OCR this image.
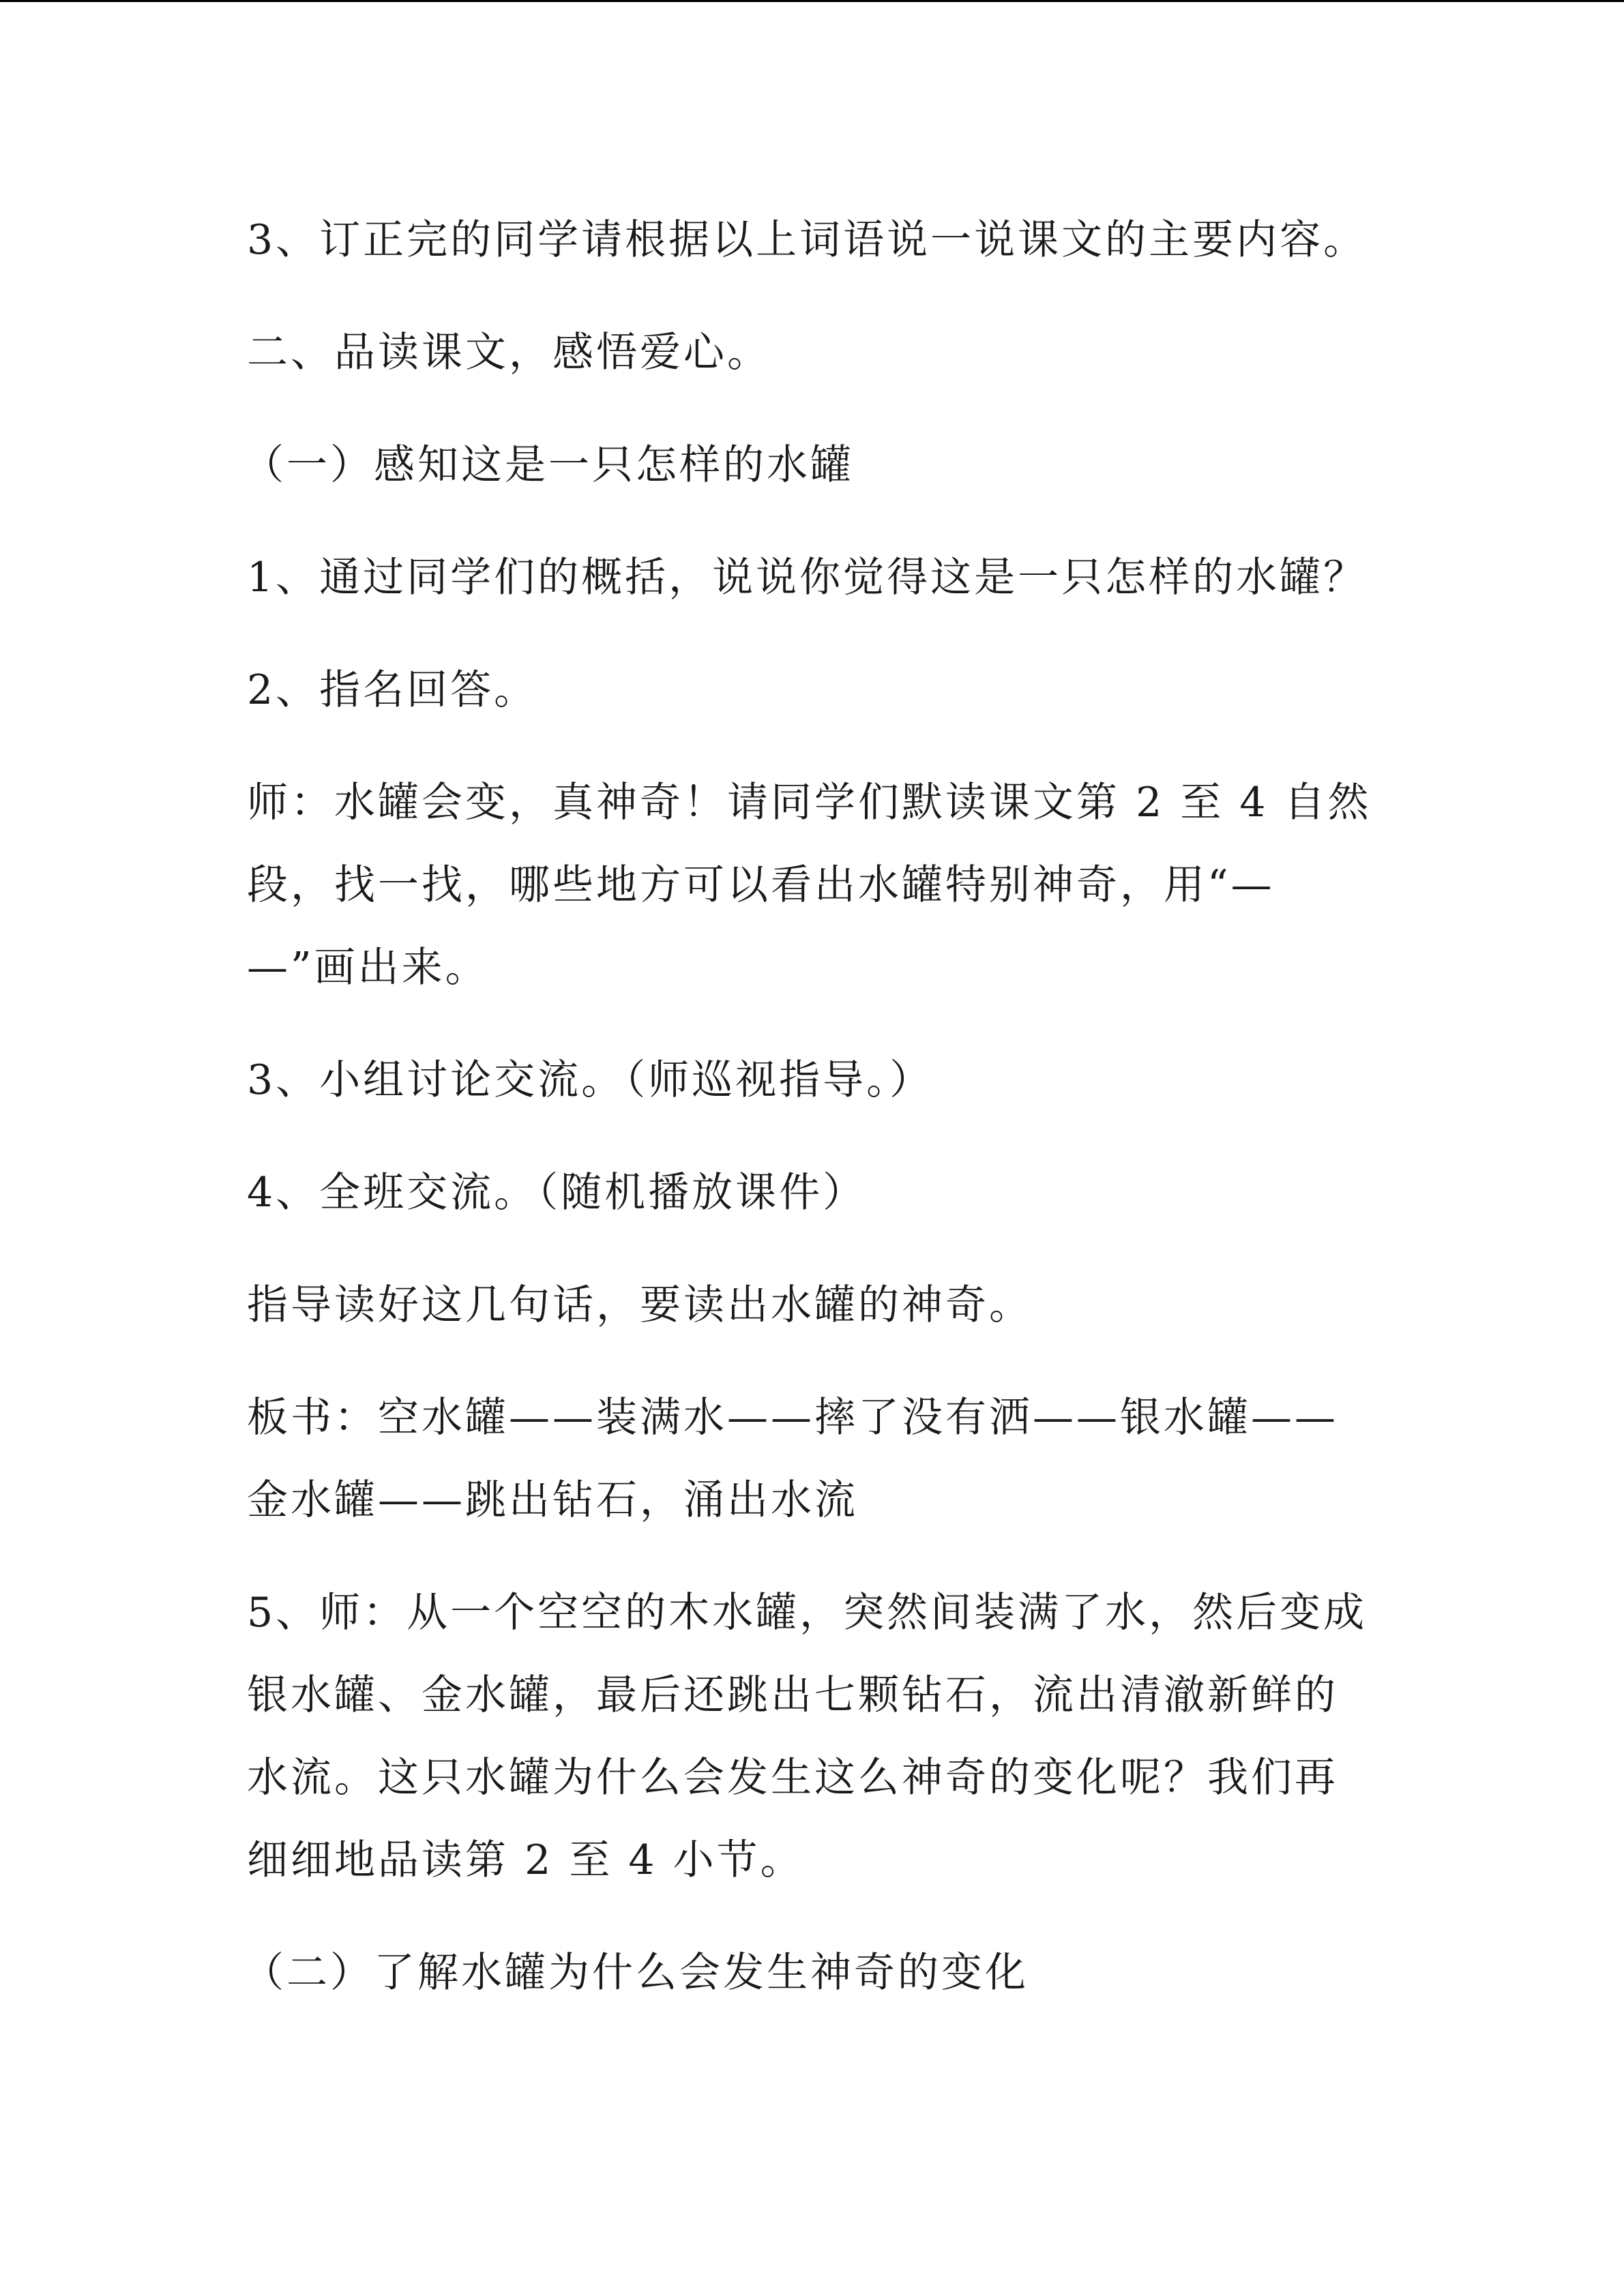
3、订正完的同学请根据以上词语说一说课文的主要内容。
二、品读课文，感悟爱心。
（一）感知这是一只怎样的水罐
1、通过同学们的概括，说说你觉得这是一只怎样的水罐？
2、指名回答。
师：水罐会变，真神奇！请同学们默读课文第 2 至 4 自然
段，找一找，哪些地方可以看出水罐特别神奇，用“—
—”画出来。
3、小组讨论交流。（师巡视指导。）
4、全班交流。（随机播放课件）
指导读好这几句话，要读出水罐的神奇。
板书：空水罐——装满水——摔了没有洒——银水罐——
金水罐——跳出钻石，涌出水流
5、师：从一个空空的木水罐，突然间装满了水，然后变成
银水罐、金水罐，最后还跳出七颗钻石，流出清澈新鲜的
水流。这只水罐为什么会发生这么神奇的变化呢？我们再
细细地品读第 2 至 4 小节。
（二）了解水罐为什么会发生神奇的变化
